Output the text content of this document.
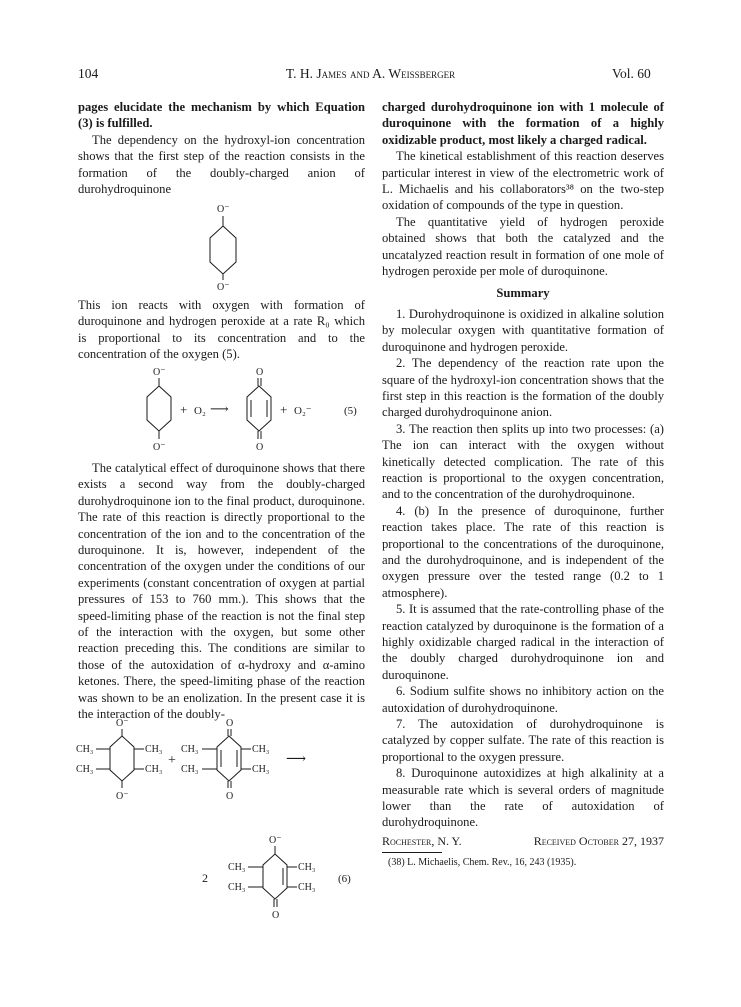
104	T. H. James and A. Weissberger	Vol. 60

pages elucidate the mechanism by which Equation (3) is fulfilled.

The dependency on the hydroxyl-ion concentration shows that the first step of the reaction consists in the formation of the doubly-charged anion of durohydroquinone

O⁻
O⁻

This ion reacts with oxygen with formation of duroquinone and hydrogen peroxide at a rate R₀ which is proportional to its concentration and to the concentration of the oxygen (5).

O⁻
O⁻
+ O₂ ⟶
O
O
+ O₂⁻	(5)

The catalytical effect of duroquinone shows that there exists a second way from the doubly-charged durohydroquinone ion to the final product, duroquinone. The rate of this reaction is directly proportional to the concentration of the ion and to the concentration of the duroquinone. It is, however, independent of the concentration of the oxygen under the conditions of our experiments (constant concentration of oxygen at partial pressures of 153 to 760 mm.). This shows that the speed-limiting phase of the reaction is not the final step of the interaction with the oxygen, but some other reaction preceding this. The conditions are similar to those of the autoxidation of α-hydroxy and α-amino ketones. There, the speed-limiting phase of the reaction was shown to be an enolization. In the present case it is the interaction of the doubly-

O⁻
O⁻
CH₃
CH₃
CH₃
CH₃
+
O
O
CH₃
CH₃
CH₃
CH₃
⟶
O⁻
O
CH₃
CH₃
CH₃
CH₃
2	(6)

charged durohydroquinone ion with 1 molecule of duroquinone with the formation of a highly oxidizable product, most likely a charged radical.

The kinetical establishment of this reaction deserves particular interest in view of the electrometric work of L. Michaelis and his collaborators³⁸ on the two-step oxidation of compounds of the type in question.

The quantitative yield of hydrogen peroxide obtained shows that both the catalyzed and the uncatalyzed reaction result in formation of one mole of hydrogen peroxide per mole of duroquinone.

Summary

1. Durohydroquinone is oxidized in alkaline solution by molecular oxygen with quantitative formation of duroquinone and hydrogen peroxide.

2. The dependency of the reaction rate upon the square of the hydroxyl-ion concentration shows that the first step in this reaction is the formation of the doubly charged durohydroquinone anion.

3. The reaction then splits up into two processes: (a) The ion can interact with the oxygen without kinetically detected complication. The rate of this reaction is proportional to the oxygen concentration, and to the concentration of the durohydroquinone.

4. (b) In the presence of duroquinone, further reaction takes place. The rate of this reaction is proportional to the concentrations of the duroquinone, and the durohydroquinone, and is independent of the oxygen pressure over the tested range (0.2 to 1 atmosphere).

5. It is assumed that the rate-controlling phase of the reaction catalyzed by duroquinone is the formation of a highly oxidizable charged radical in the interaction of the doubly charged durohydroquinone ion and duroquinone.

6. Sodium sulfite shows no inhibitory action on the autoxidation of durohydroquinone.

7. The autoxidation of durohydroquinone is catalyzed by copper sulfate. The rate of this reaction is proportional to the oxygen pressure.

8. Duroquinone autoxidizes at high alkalinity at a measurable rate which is several orders of magnitude lower than the rate of autoxidation of durohydroquinone.

Rochester, N. Y.	Received October 27, 1937

(38) L. Michaelis, Chem. Rev., 16, 243 (1935).
